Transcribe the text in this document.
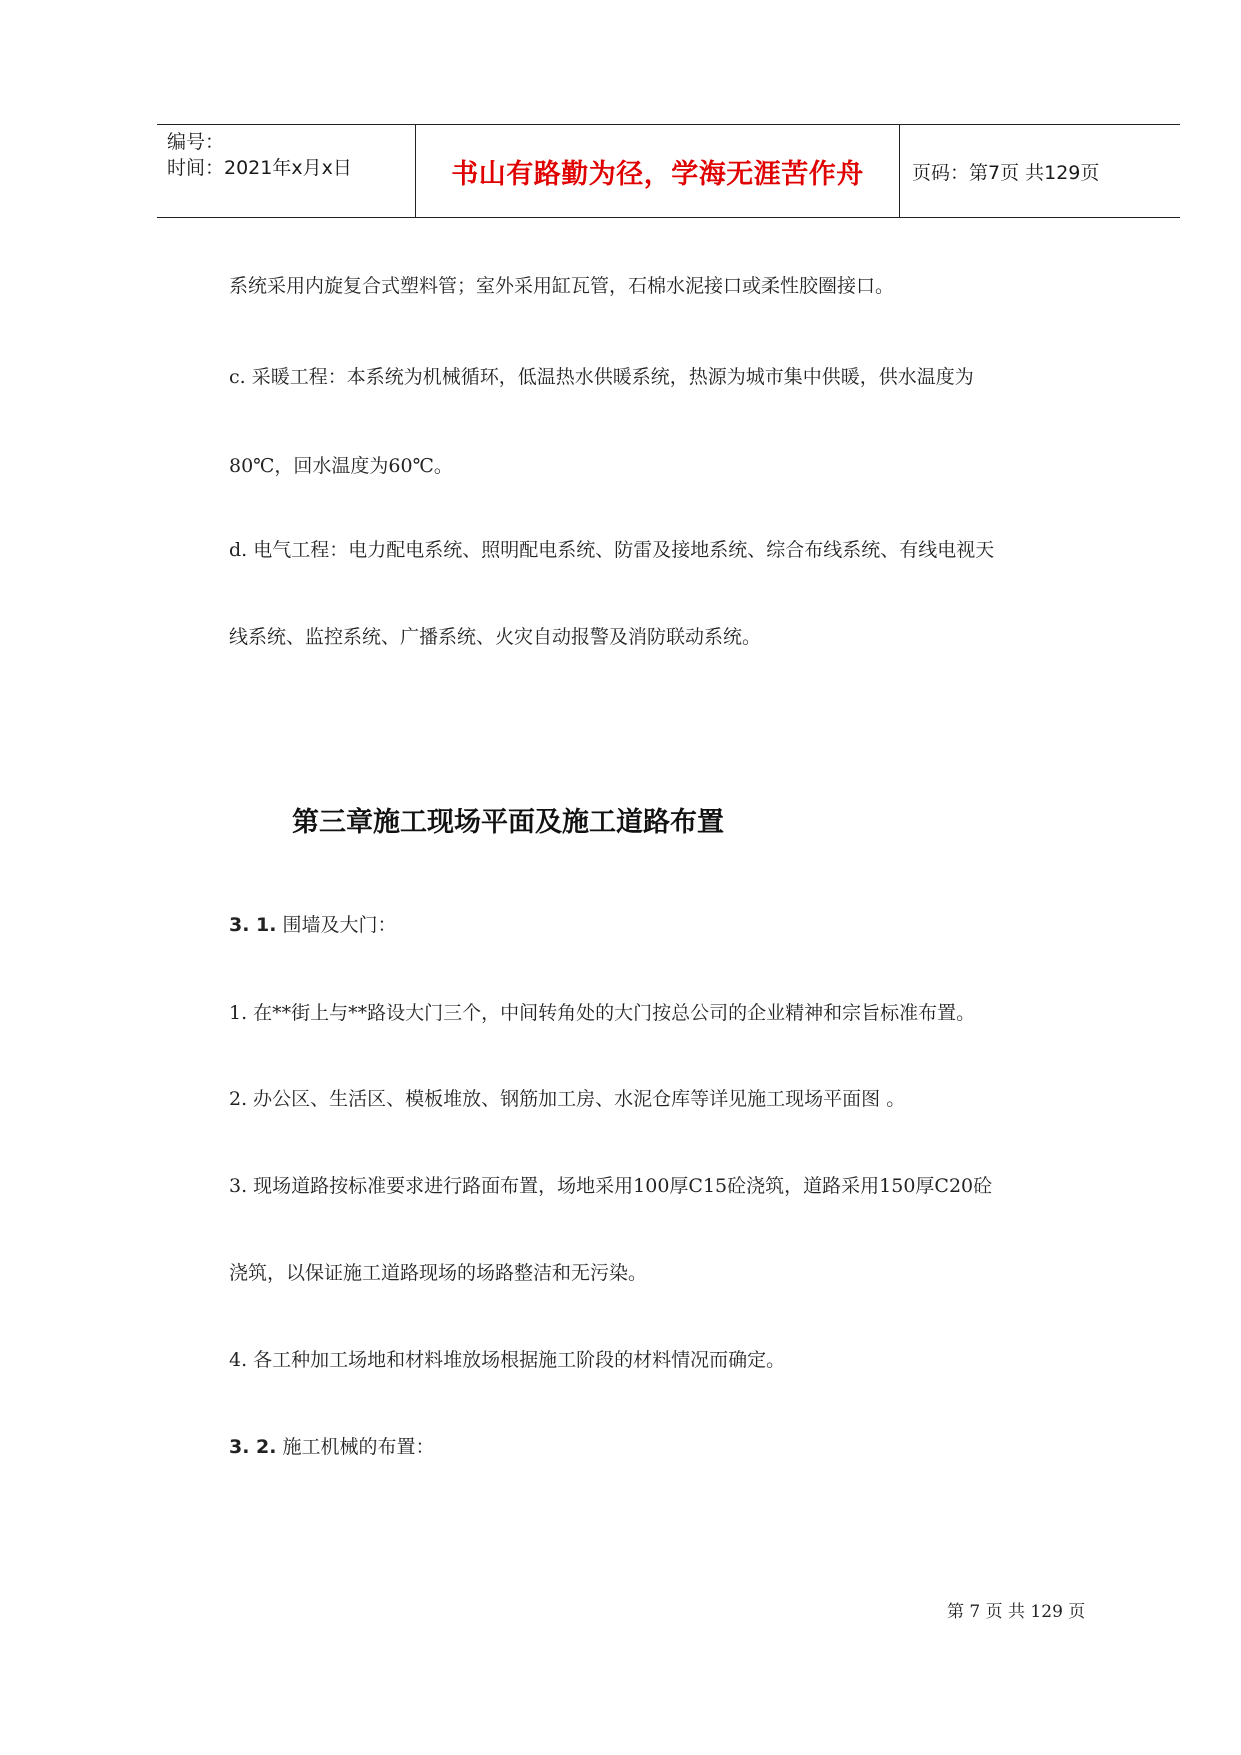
编号：
时间：2021年x月x日	书山有路勤为径，学海无涯苦作舟	页码：第7页 共129页
系统采用内旋复合式塑料管；室外采用缸瓦管，石棉水泥接口或柔性胶圈接口。
c. 采暖工程：本系统为机械循环，低温热水供暖系统，热源为城市集中供暖，供水温度为
80℃，回水温度为60℃。
d. 电气工程：电力配电系统、照明配电系统、防雷及接地系统、综合布线系统、有线电视天
线系统、监控系统、广播系统、火灾自动报警及消防联动系统。
第三章施工现场平面及施工道路布置
3. 1. 围墙及大门：
1. 在**街上与**路设大门三个，中间转角处的大门按总公司的企业精神和宗旨标准布置。
2. 办公区、生活区、模板堆放、钢筋加工房、水泥仓库等详见施工现场平面图 。
3. 现场道路按标准要求进行路面布置，场地采用100厚C15砼浇筑，道路采用150厚C20砼
浇筑，以保证施工道路现场的场路整洁和无污染。
4. 各工种加工场地和材料堆放场根据施工阶段的材料情况而确定。
3. 2. 施工机械的布置：
第 7 页 共 129 页
